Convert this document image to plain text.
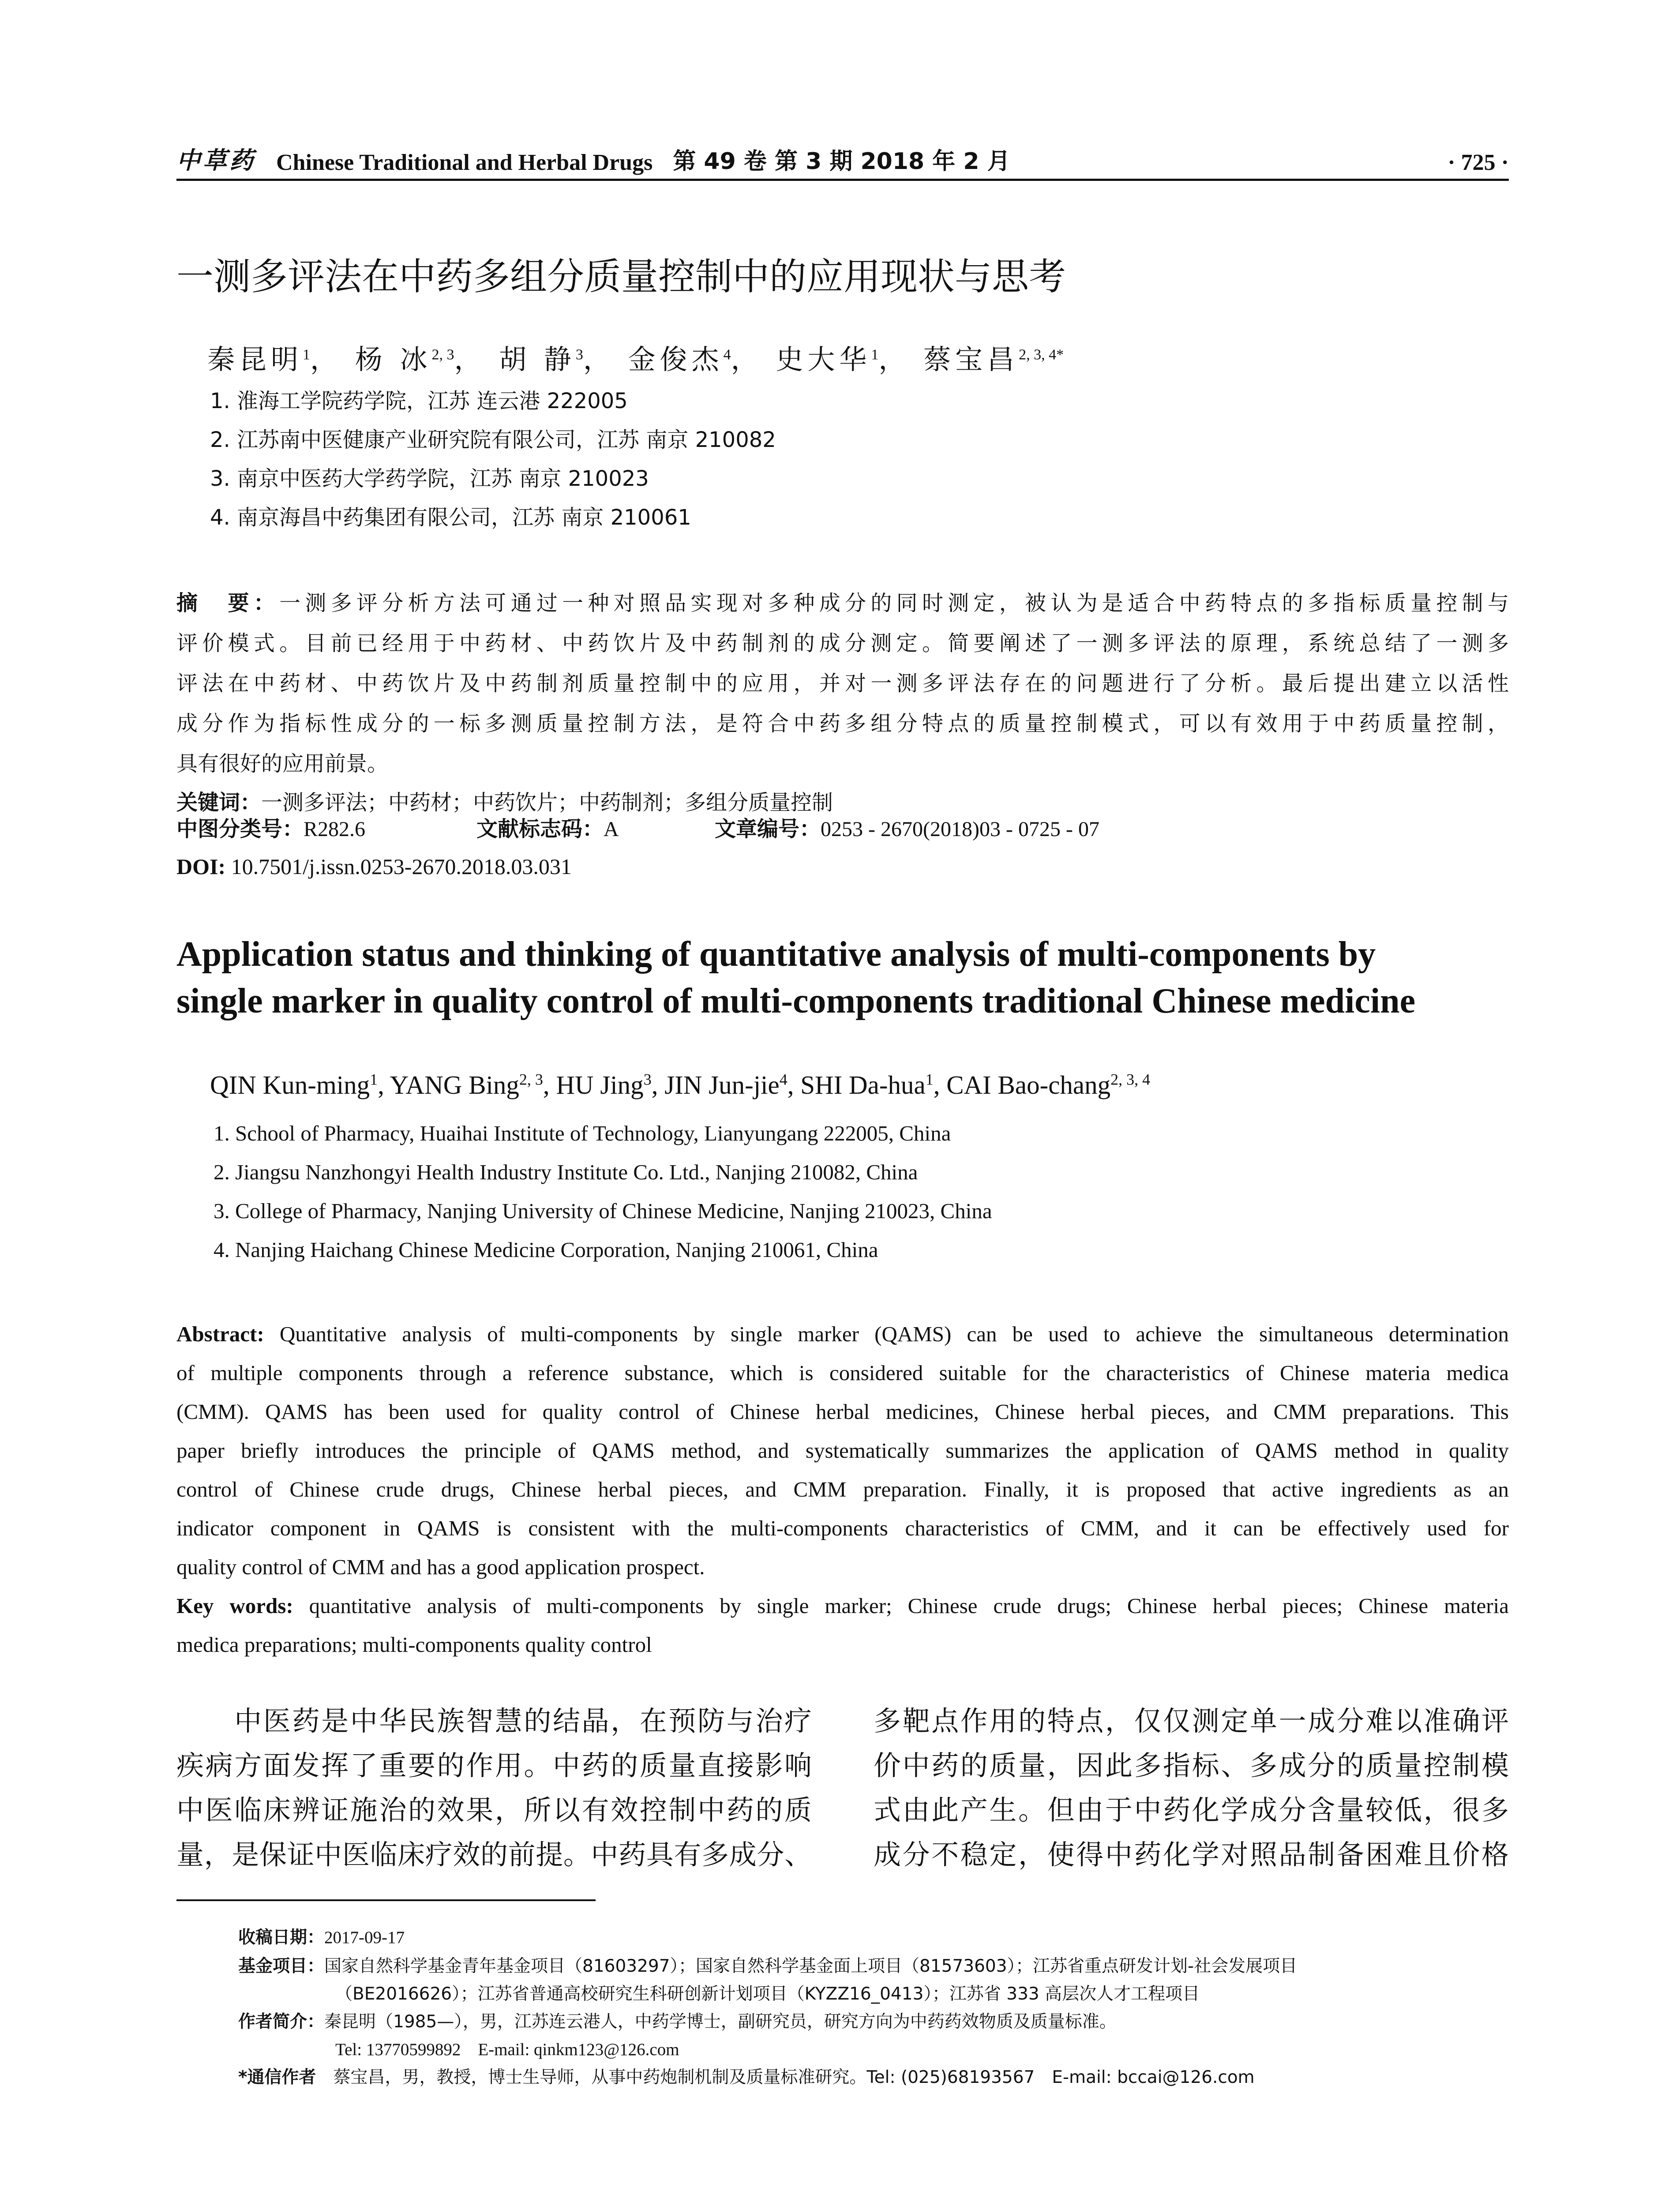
中草药 Chinese Traditional and Herbal Drugs 第 49 卷 第 3 期 2018 年 2 月	· 725 ·
一测多评法在中药多组分质量控制中的应用现状与思考
秦昆明$^1$， 杨 冰$^{2, 3}$， 胡 静$^3$， 金俊杰$^4$， 史大华$^1$， 蔡宝昌$^{2, 3, 4*}$
1. 淮海工学院药学院，江苏 连云港 222005
2. 江苏南中医健康产业研究院有限公司，江苏 南京 210082
3. 南京中医药大学药学院，江苏 南京 210023
4. 南京海昌中药集团有限公司，江苏 南京 210061
摘　要：一测多评分析方法可通过一种对照品实现对多种成分的同时测定，被认为是适合中药特点的多指标质量控制与
评价模式。目前已经用于中药材、中药饮片及中药制剂的成分测定。简要阐述了一测多评法的原理，系统总结了一测多
评法在中药材、中药饮片及中药制剂质量控制中的应用，并对一测多评法存在的问题进行了分析。最后提出建立以活性
成分作为指标性成分的一标多测质量控制方法，是符合中药多组分特点的质量控制模式，可以有效用于中药质量控制，
具有很好的应用前景。
关键词：一测多评法；中药材；中药饮片；中药制剂；多组分质量控制
中图分类号：R282.6	文献标志码：A	文章编号：0253 - 2670(2018)03 - 0725 - 07
DOI: 10.7501/j.issn.0253-2670.2018.03.031
Application status and thinking of quantitative analysis of multi-components by
single marker in quality control of multi-components traditional Chinese medicine
QIN Kun-ming$^1$, YANG Bing$^{2, 3}$, HU Jing$^3$, JIN Jun-jie$^4$, SHI Da-hua$^1$, CAI Bao-chang$^{2, 3, 4}$
1. School of Pharmacy, Huaihai Institute of Technology, Lianyungang 222005, China
2. Jiangsu Nanzhongyi Health Industry Institute Co. Ltd., Nanjing 210082, China
3. College of Pharmacy, Nanjing University of Chinese Medicine, Nanjing 210023, China
4. Nanjing Haichang Chinese Medicine Corporation, Nanjing 210061, China
Abstract: Quantitative analysis of multi-components by single marker (QAMS) can be used to achieve the simultaneous determination
of multiple components through a reference substance, which is considered suitable for the characteristics of Chinese materia medica
(CMM). QAMS has been used for quality control of Chinese herbal medicines, Chinese herbal pieces, and CMM preparations. This
paper briefly introduces the principle of QAMS method, and systematically summarizes the application of QAMS method in quality
control of Chinese crude drugs, Chinese herbal pieces, and CMM preparation. Finally, it is proposed that active ingredients as an
indicator component in QAMS is consistent with the multi-components characteristics of CMM, and it can be effectively used for
quality control of CMM and has a good application prospect.
Key words: quantitative analysis of multi-components by single marker; Chinese crude drugs; Chinese herbal pieces; Chinese materia
medica preparations; multi-components quality control
　　中医药是中华民族智慧的结晶，在预防与治疗
疾病方面发挥了重要的作用。中药的质量直接影响
中医临床辨证施治的效果，所以有效控制中药的质
量，是保证中医临床疗效的前提。中药具有多成分、
多靶点作用的特点，仅仅测定单一成分难以准确评
价中药的质量，因此多指标、多成分的质量控制模
式由此产生。但由于中药化学成分含量较低，很多
成分不稳定，使得中药化学对照品制备困难且价格
收稿日期：2017-09-17
基金项目：国家自然科学基金青年基金项目（81603297）；国家自然科学基金面上项目（81573603）；江苏省重点研发计划-社会发展项目
（BE2016626）；江苏省普通高校研究生科研创新计划项目（KYZZ16_0413）；江苏省 333 高层次人才工程项目
作者简介：秦昆明（1985—），男，江苏连云港人，中药学博士，副研究员，研究方向为中药药效物质及质量标准。
Tel: 13770599892　E-mail: qinkm123@126.com
*通信作者　 蔡宝昌，男，教授，博士生导师，从事中药炮制机制及质量标准研究。Tel: (025)68193567　E-mail: bccai@126.com
